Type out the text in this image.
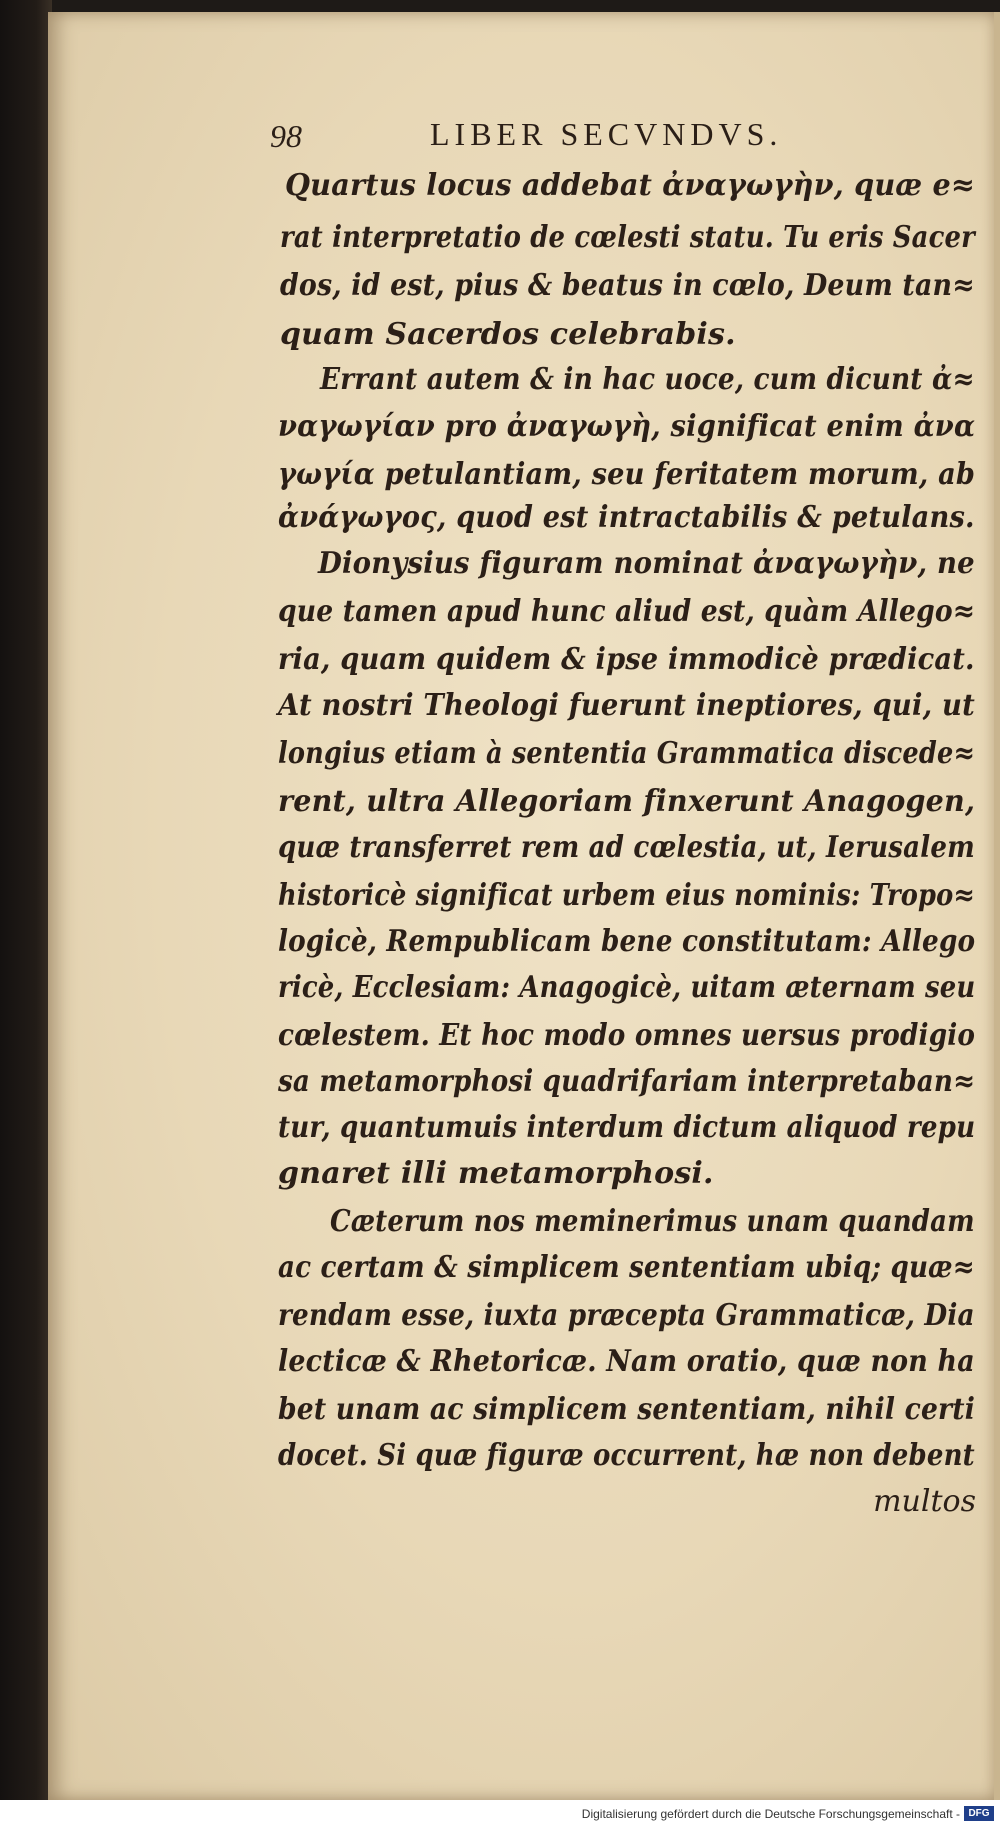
98	LIBER SECVNDVS.
Quartus locus addebat ἀναγωγὴν, quæ e≈
rat interpretatio de cœlesti statu. Tu eris Sacer
dos, id est, pius & beatus in cœlo, Deum tan≈
quam Sacerdos celebrabis.
Errant autem & in hac uoce, cum dicunt ἀ≈
ναγωγίαν pro ἀναγωγὴ, significat enim ἀνα
γωγία petulantiam, seu feritatem morum, ab
ἀνάγωγος, quod est intractabilis & petulans.
Dionysius figuram nominat ἀναγωγὴν, ne
que tamen apud hunc aliud est, quàm Allego≈
ria, quam quidem & ipse immodicè prædicat.
At nostri Theologi fuerunt ineptiores, qui, ut
longius etiam à sententia Grammatica discede≈
rent, ultra Allegoriam finxerunt Anagogen,
quæ transferret rem ad cœlestia, ut, Ierusalem
historicè significat urbem eius nominis: Tropo≈
logicè, Rempublicam bene constitutam: Allego
ricè, Ecclesiam: Anagogicè, uitam æternam seu
cœlestem. Et hoc modo omnes uersus prodigio
sa metamorphosi quadrifariam interpretaban≈
tur, quantumuis interdum dictum aliquod repu
gnaret illi metamorphosi.
Cæterum nos meminerimus unam quandam
ac certam & simplicem sententiam ubiq; quæ≈
rendam esse, iuxta præcepta Grammaticæ, Dia
lecticæ & Rhetoricæ. Nam oratio, quæ non ha
bet unam ac simplicem sententiam, nihil certi
docet. Si quæ figuræ occurrent, hæ non debent
multos
Digitalisierung gefördert durch die Deutsche Forschungsgemeinschaft - DFG
